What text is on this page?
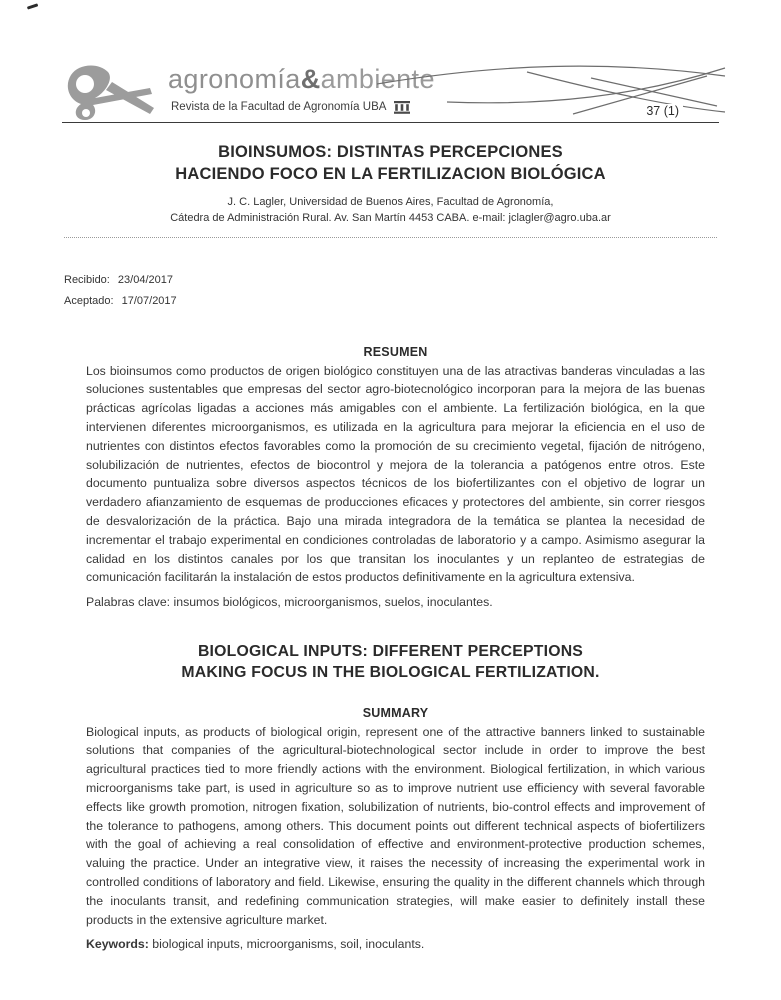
agronomía&ambiente
Revista de la Facultad de Agronomía UBA	37 (1)
BIOINSUMOS: DISTINTAS PERCEPCIONES
HACIENDO FOCO EN LA FERTILIZACION BIOLÓGICA
J. C. Lagler, Universidad de Buenos Aires, Facultad de Agronomía,
Cátedra de Administración Rural. Av. San Martín 4453 CABA. e-mail: jclagler@agro.uba.ar
Recibido: 23/04/2017
Aceptado: 17/07/2017
RESUMEN

Los bioinsumos como productos de origen biológico constituyen una de las atractivas banderas vinculadas a las soluciones sustentables que empresas del sector agro-biotecnológico incorporan para la mejora de las buenas prácticas agrícolas ligadas a acciones más amigables con el ambiente. La fertilización biológica, en la que intervienen diferentes microorganismos, es utilizada en la agricultura para mejorar la eficiencia en el uso de nutrientes con distintos efectos favorables como la promoción de su crecimiento vegetal, fijación de nitrógeno, solubilización de nutrientes, efectos de biocontrol y mejora de la tolerancia a patógenos entre otros. Este documento puntualiza sobre diversos aspectos técnicos de los biofertilizantes con el objetivo de lograr un verdadero afianzamiento de esquemas de producciones eficaces y protectores del ambiente, sin correr riesgos de desvalorización de la práctica. Bajo una mirada integradora de la temática se plantea la necesidad de incrementar el trabajo experimental en condiciones controladas de laboratorio y a campo. Asimismo asegurar la calidad en los distintos canales por los que transitan los inoculantes y un replanteo de estrategias de comunicación facilitarán la instalación de estos productos definitivamente en la agricultura extensiva.

Palabras clave: insumos biológicos, microorganismos, suelos, inoculantes.

BIOLOGICAL INPUTS: DIFFERENT PERCEPTIONS
MAKING FOCUS IN THE BIOLOGICAL FERTILIZATION.
SUMMARY

Biological inputs, as products of biological origin, represent one of the attractive banners linked to sustainable solutions that companies of the agricultural-biotechnological sector include in order to improve the best agricultural practices tied to more friendly actions with the environment. Biological fertilization, in which various microorganisms take part, is used in agriculture so as to improve nutrient use efficiency with several favorable effects like growth promotion, nitrogen fixation, solubilization of nutrients, bio-control effects and improvement of the tolerance to pathogens, among others. This document points out different technical aspects of biofertilizers with the goal of achieving a real consolidation of effective and environment-protective production schemes, valuing the practice. Under an integrative view, it raises the necessity of increasing the experimental work in controlled conditions of laboratory and field. Likewise, ensuring the quality in the different channels which through the inoculants transit, and redefining communication strategies, will make easier to definitely install these products in the extensive agriculture market.

Keywords: biological inputs, microorganisms, soil, inoculants.
